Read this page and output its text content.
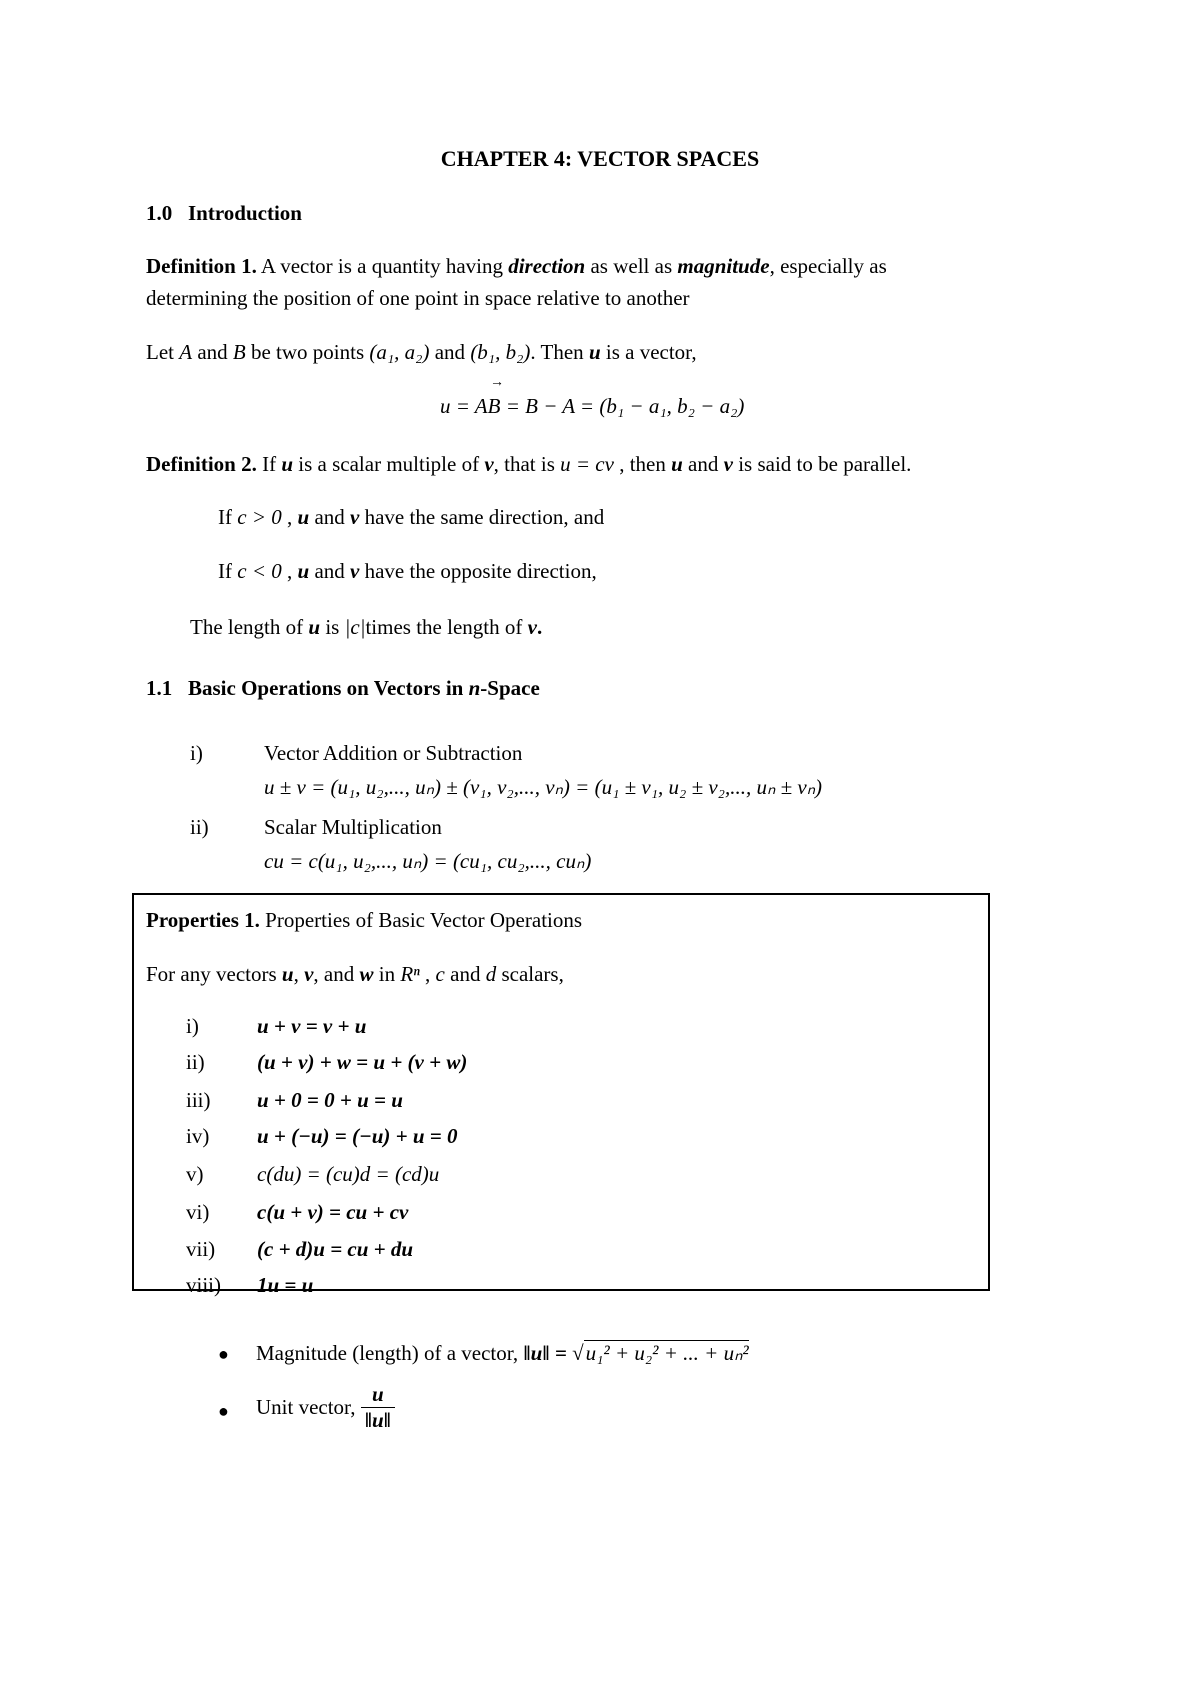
CHAPTER 4: VECTOR SPACES
1.0 Introduction
Definition 1. A vector is a quantity having direction as well as magnitude, especially as
determining the position of one point in space relative to another
Let A and B be two points (a₁, a₂) and (b₁, b₂). Then u is a vector,
u = AB = B − A = (b₁ − a₁, b₂ − a₂)
→
Definition 2. If u is a scalar multiple of v, that is u = cv , then u and v is said to be parallel.
If c > 0 , u and v have the same direction, and
If c < 0 , u and v have the opposite direction,
The length of u is |c|times the length of v.
1.1 Basic Operations on Vectors in n-Space
i)	Vector Addition or Subtraction
u ± v = (u₁, u₂,..., uₙ) ± (v₁, v₂,..., vₙ) = (u₁ ± v₁, u₂ ± v₂,..., uₙ ± vₙ)
ii)	Scalar Multiplication
cu = c(u₁, u₂,..., uₙ) = (cu₁, cu₂,..., cuₙ)
Properties 1. Properties of Basic Vector Operations
For any vectors u, v, and w in Rⁿ , c and d scalars,
i)	u + v = v + u
ii) (u + v) + w = u + (v + w)
iii) u + 0 = 0 + u = u
iv) u + (−u) = (−u) + u = 0
v)	c(du) = (cu)d = (cd)u
vi) c(u + v) = cu + cv
vii) (c + d)u = cu + du
viii) 1u = u
● Magnitude (length) of a vector, ‖u‖ = √u₁² + u₂² + ... + uₙ²
● Unit vector, $\frac{u}{‖u‖}$
